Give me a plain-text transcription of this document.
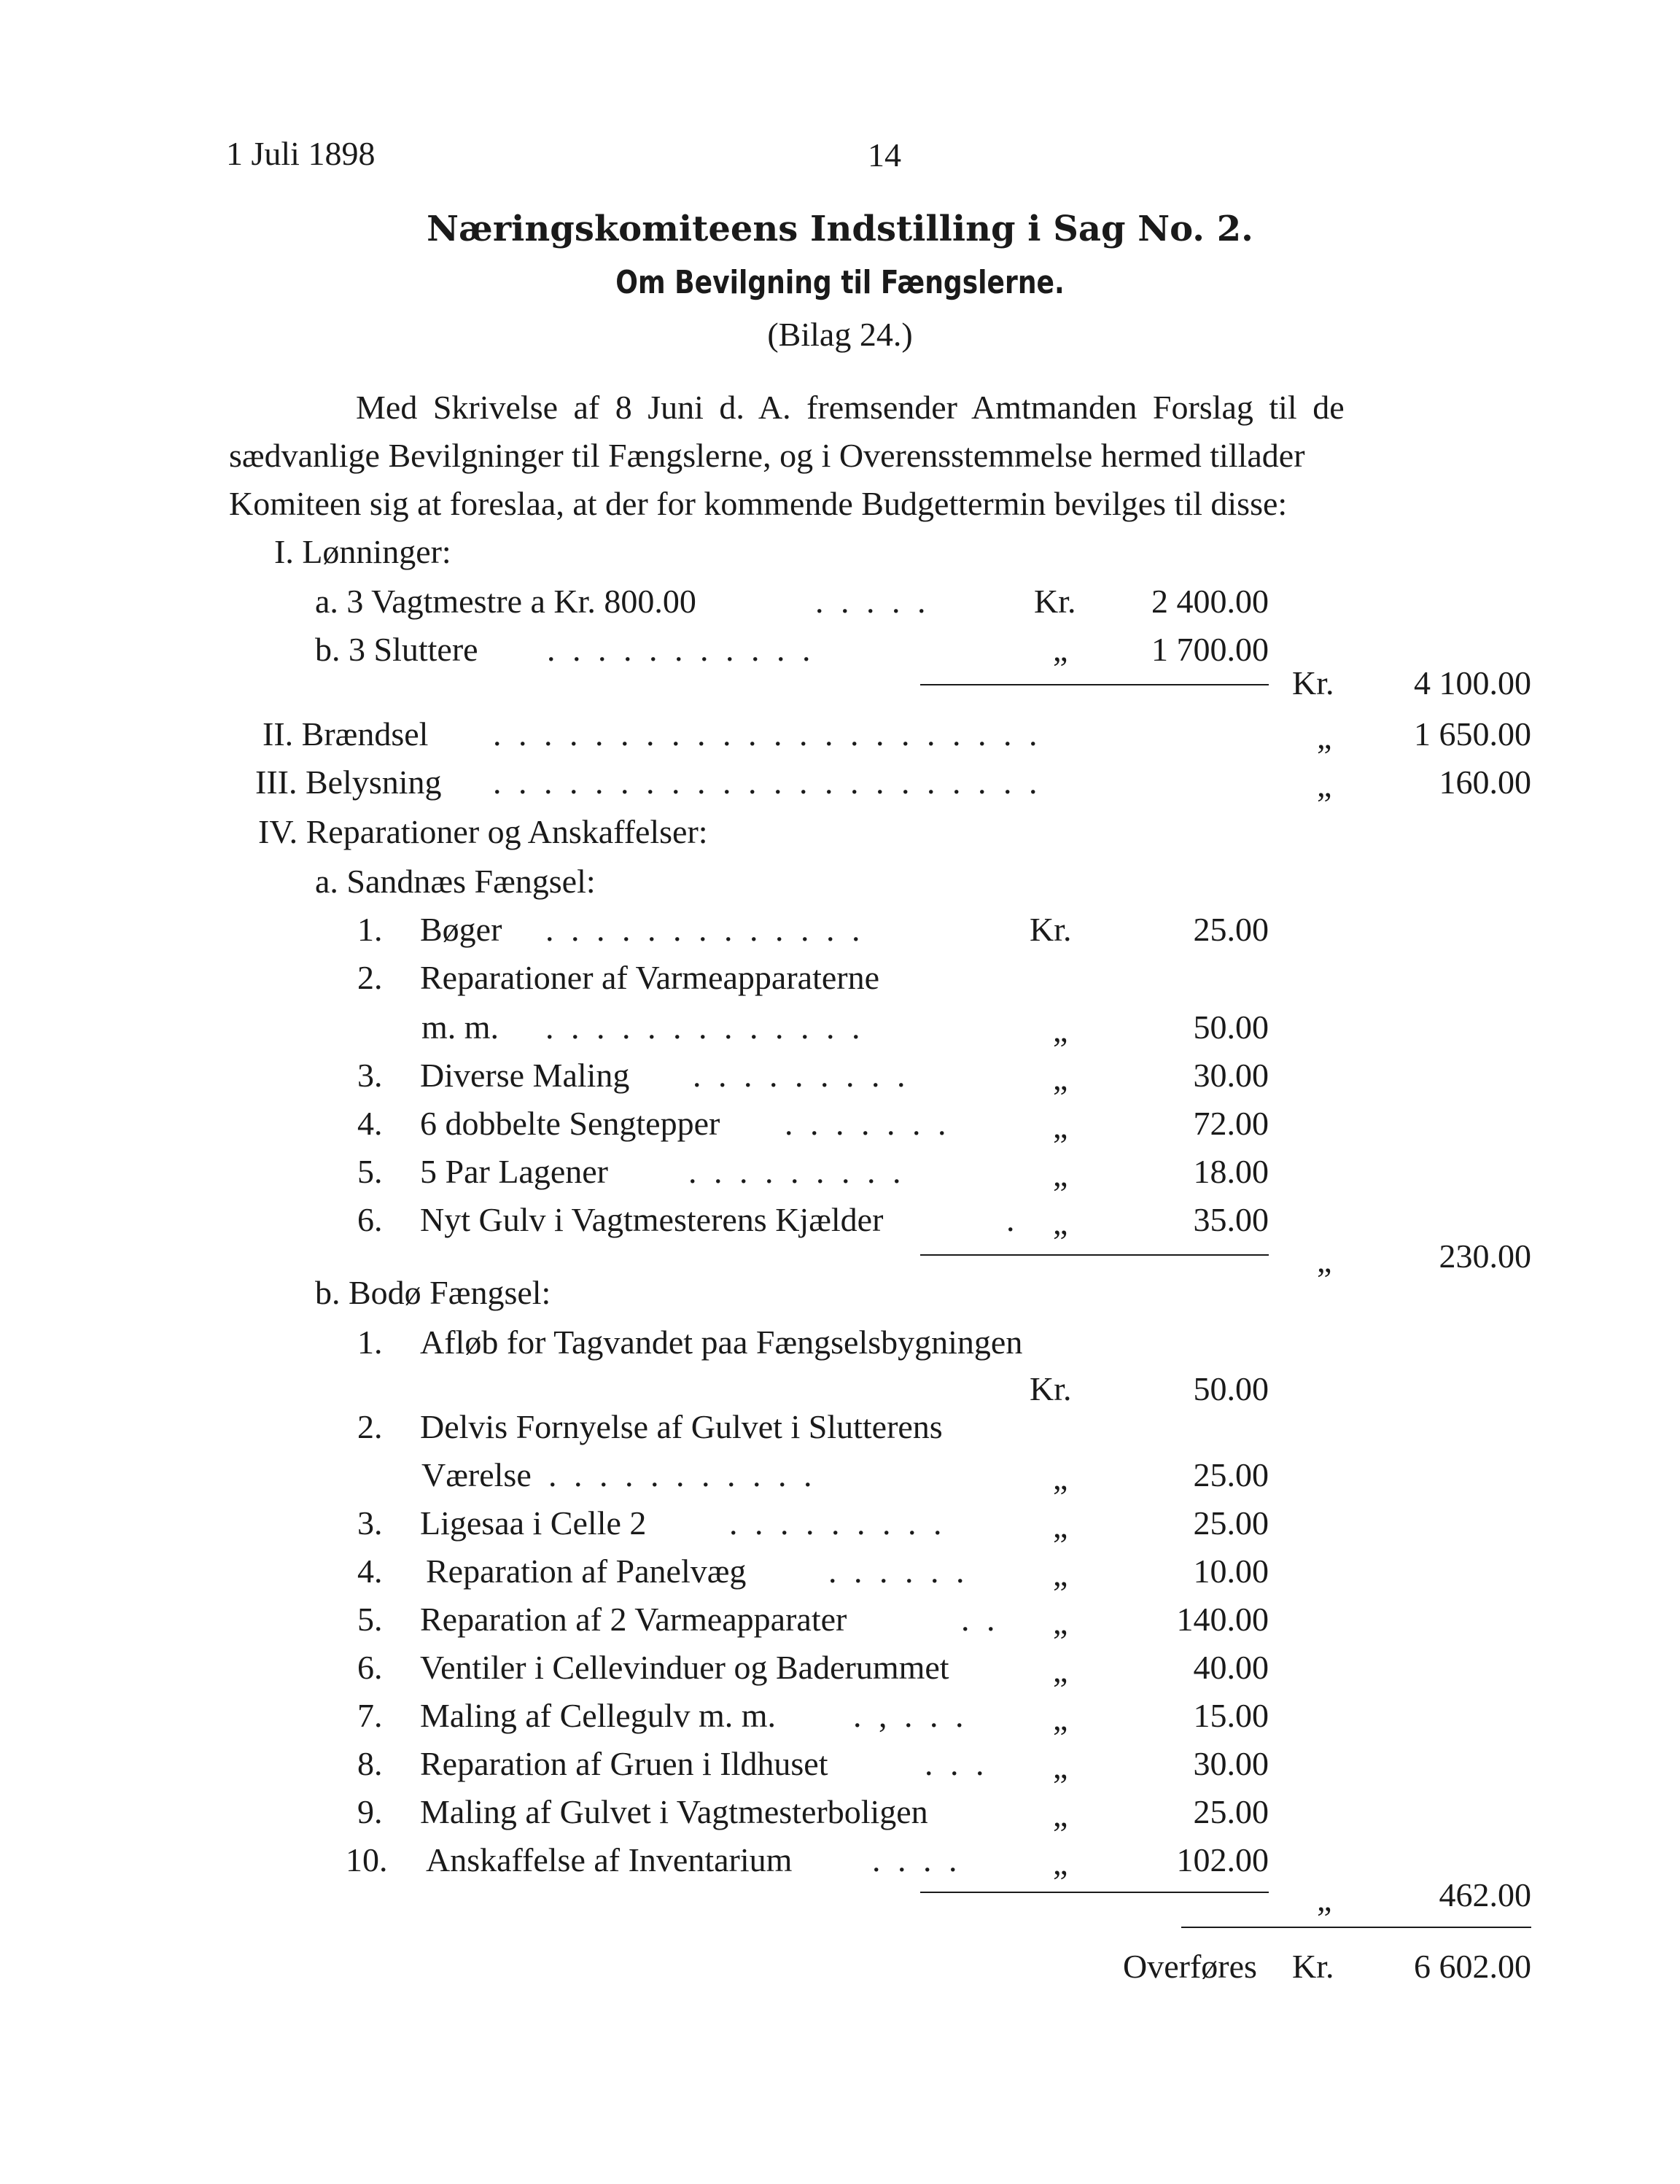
1 Juli 1898	14
Næringskomiteens Indstilling i Sag No. 2.
Om Bevilgning til Fængslerne.
(Bilag 24.)
Med Skrivelse af 8 Juni d. A. fremsender Amtmanden Forslag til de
sædvanlige Bevilgninger til Fængslerne, og i Overensstemmelse hermed tillader
Komiteen sig at foreslaa, at der for kommende Budgettermin bevilges til disse:
I. Lønninger:
a. 3 Vagtmestre a Kr. 800.00	. . . . .	Kr.	2 400.00
b. 3 Sluttere . . . . . . . . . . .	„	1 700.00
Kr.	4 100.00
II. Brændsel . . . . . . . . . . . . . . . . . . . . . .	„	1 650.00
III. Belysning . . . . . . . . . . . . . . . . . . . . . .	„	160.00
IV. Reparationer og Anskaffelser:
a. Sandnæs Fængsel:
1. Bøger . . . . . . . . . . . . .	Kr.	25.00
2. Reparationer af Varmeapparaterne
m. m. . . . . . . . . . . . . .	„	50.00
3. Diverse Maling . . . . . . . . .	„	30.00
4. 6 dobbelte Sengtepper . . . . . . .	„	72.00
5. 5 Par Lagener . . . . . . . . .	„	18.00
6. Nyt Gulv i Vagtmesterens Kjælder	. „	35.00
„	230.00
b. Bodø Fængsel:
1. Afløb for Tagvandet paa Fængselsbygningen
Kr.	50.00
2. Delvis Fornyelse af Gulvet i Slutterens
Værelse . . . . . . . . . . .	„	25.00
3. Ligesaa i Celle 2 . . . . . . . . .	„	25.00
4. Reparation af Panelvæg . . . . . .	„	10.00
5. Reparation af 2 Varmeapparater	. . „	140.00
6. Ventiler i Cellevinduer og Baderummet	„	40.00
7. Maling af Cellegulv m. m. . , . . .	„	15.00
8. Reparation af Gruen i Ildhuset	. . . „	30.00
9. Maling af Gulvet i Vagtmesterboligen	„	25.00
10. Anskaffelse af Inventarium . . . .	„	102.00
„	462.00
Overføres Kr.	6 602.00
